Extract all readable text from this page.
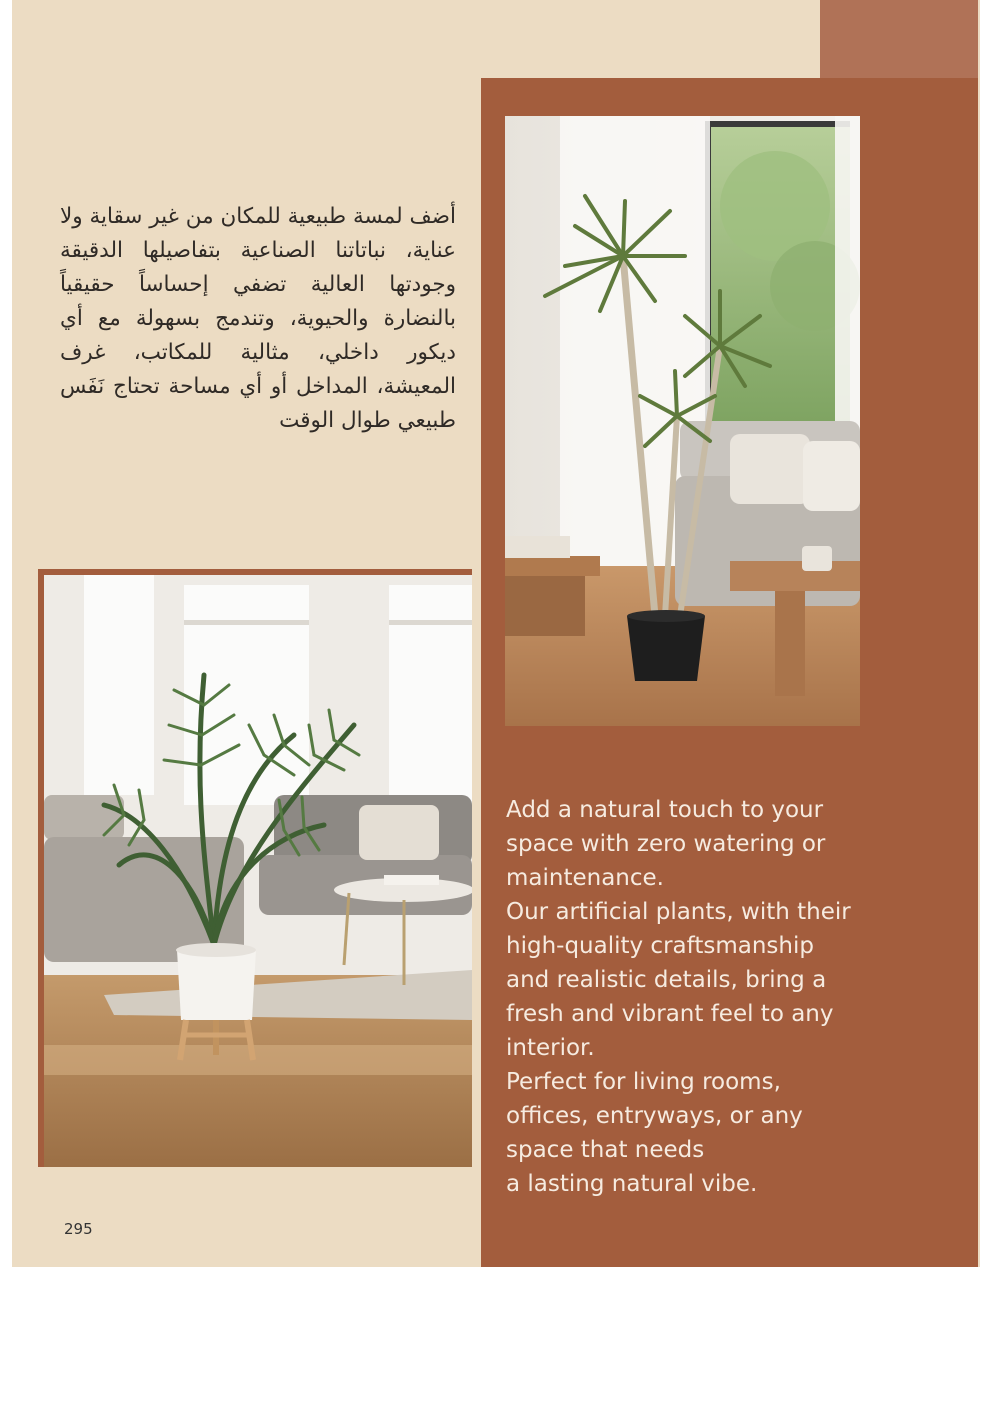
أضف لمسة طبيعية للمكان من غير سقاية ولا عناية، نباتاتنا الصناعية بتفاصيلها الدقيقة وجودتها العالية تضفي إحساساً حقيقياً بالنضارة والحيوية، وتندمج بسهولة مع أي ديكور داخلي، مثالية للمكاتب، غرف المعيشة، المداخل أو أي مساحة تحتاج نَفَس طبيعي طوال الوقت
Add a natural touch to your
space with zero watering or
maintenance.
Our artificial plants, with their
high-quality craftsmanship
and realistic details, bring a
fresh and vibrant feel to any
interior.
Perfect for living rooms,
offices, entryways, or any
space that needs
a lasting natural vibe.
295
